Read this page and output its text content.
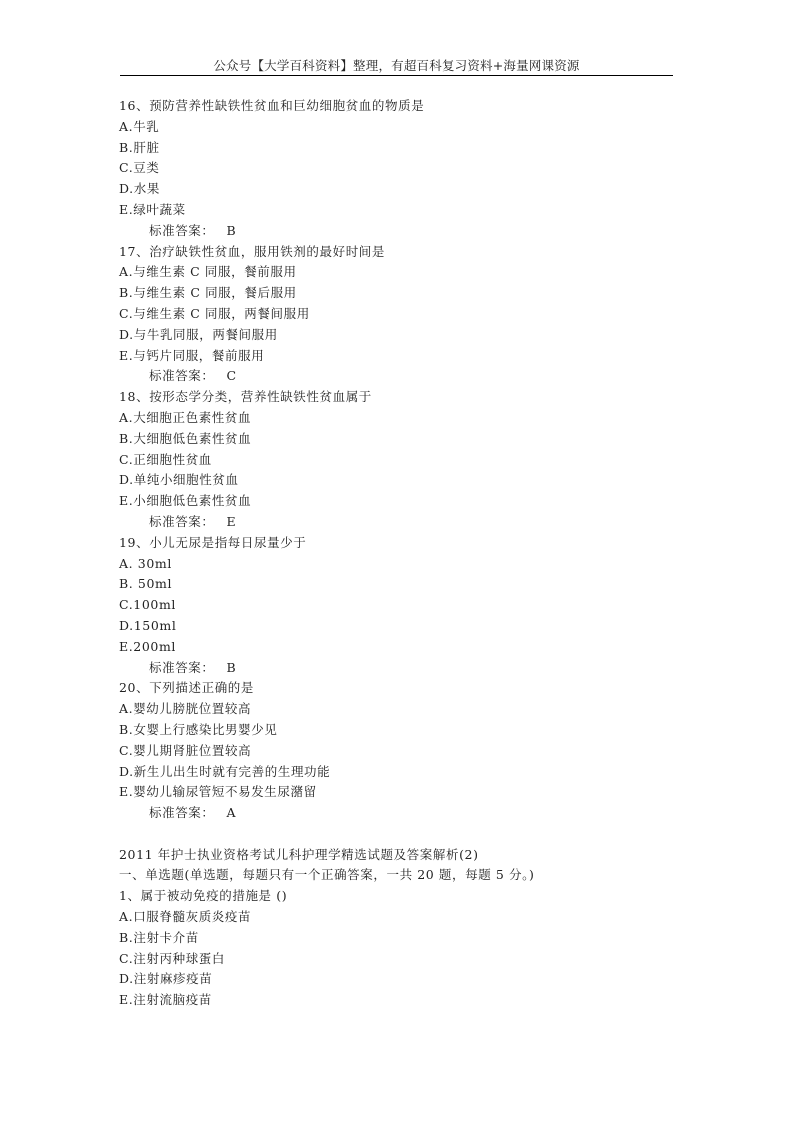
公众号【大学百科资料】整理，有超百科复习资料+海量网课资源
16、预防营养性缺铁性贫血和巨幼细胞贫血的物质是
A.牛乳
B.肝脏
C.豆类
D.水果
E.绿叶蔬菜
标准答案： B
17、治疗缺铁性贫血，服用铁剂的最好时间是
A.与维生素 C 同服，餐前服用
B.与维生素 C 同服，餐后服用
C.与维生素 C 同服，两餐间服用
D.与牛乳同服，两餐间服用
E.与钙片同服，餐前服用
标准答案： C
18、按形态学分类，营养性缺铁性贫血属于
A.大细胞正色素性贫血
B.大细胞低色素性贫血
C.正细胞性贫血
D.单纯小细胞性贫血
E.小细胞低色素性贫血
标准答案： E
19、小儿无尿是指每日尿量少于
A. 30ml
B. 50ml
C.100ml
D.150ml
E.200ml
标准答案： B
20、下列描述正确的是
A.婴幼儿膀胱位置较高
B.女婴上行感染比男婴少见
C.婴儿期肾脏位置较高
D.新生儿出生时就有完善的生理功能
E.婴幼儿输尿管短不易发生尿潴留
标准答案： A
2011 年护士执业资格考试儿科护理学精选试题及答案解析(2)
一、单选题(单选题，每题只有一个正确答案，一共 20 题，每题 5 分。)
1、属于被动免疫的措施是 ()
A.口服脊髓灰质炎疫苗
B.注射卡介苗
C.注射丙种球蛋白
D.注射麻疹疫苗
E.注射流脑疫苗
